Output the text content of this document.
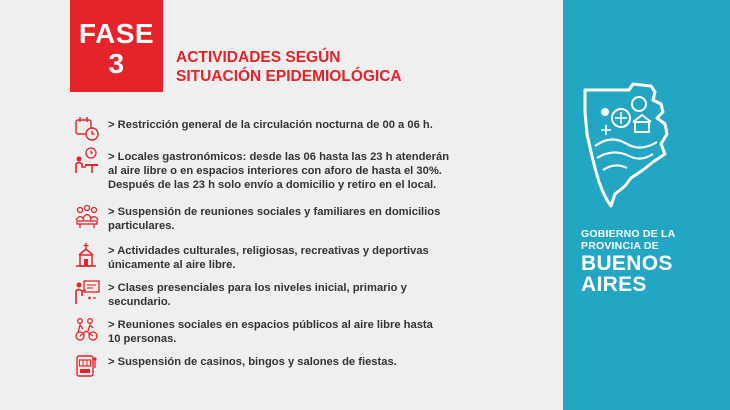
FASE
3	ACTIVIDADES SEGÚN
SITUACIÓN EPIDEMIOLÓGICA
> Restricción general de la circulación nocturna de 00 a 06 h.
> Locales gastronómicos: desde las 06 hasta las 23 h atenderán
al aire libre o en espacios interiores con aforo de hasta el 30%.
Después de las 23 h solo envío a domicilio y retiro en el local.
> Suspensión de reuniones sociales y familiares en domicilios
particulares.
> Actividades culturales, religiosas, recreativas y deportivas
únicamente al aire libre.
> Clases presenciales para los niveles inicial, primario y
secundario.
> Reuniones sociales en espacios públicos al aire libre hasta
10 personas.
> Suspensión de casinos, bingos y salones de fiestas.
GOBIERNO DE LA
PROVINCIA DE
BUENOS
AIRES
